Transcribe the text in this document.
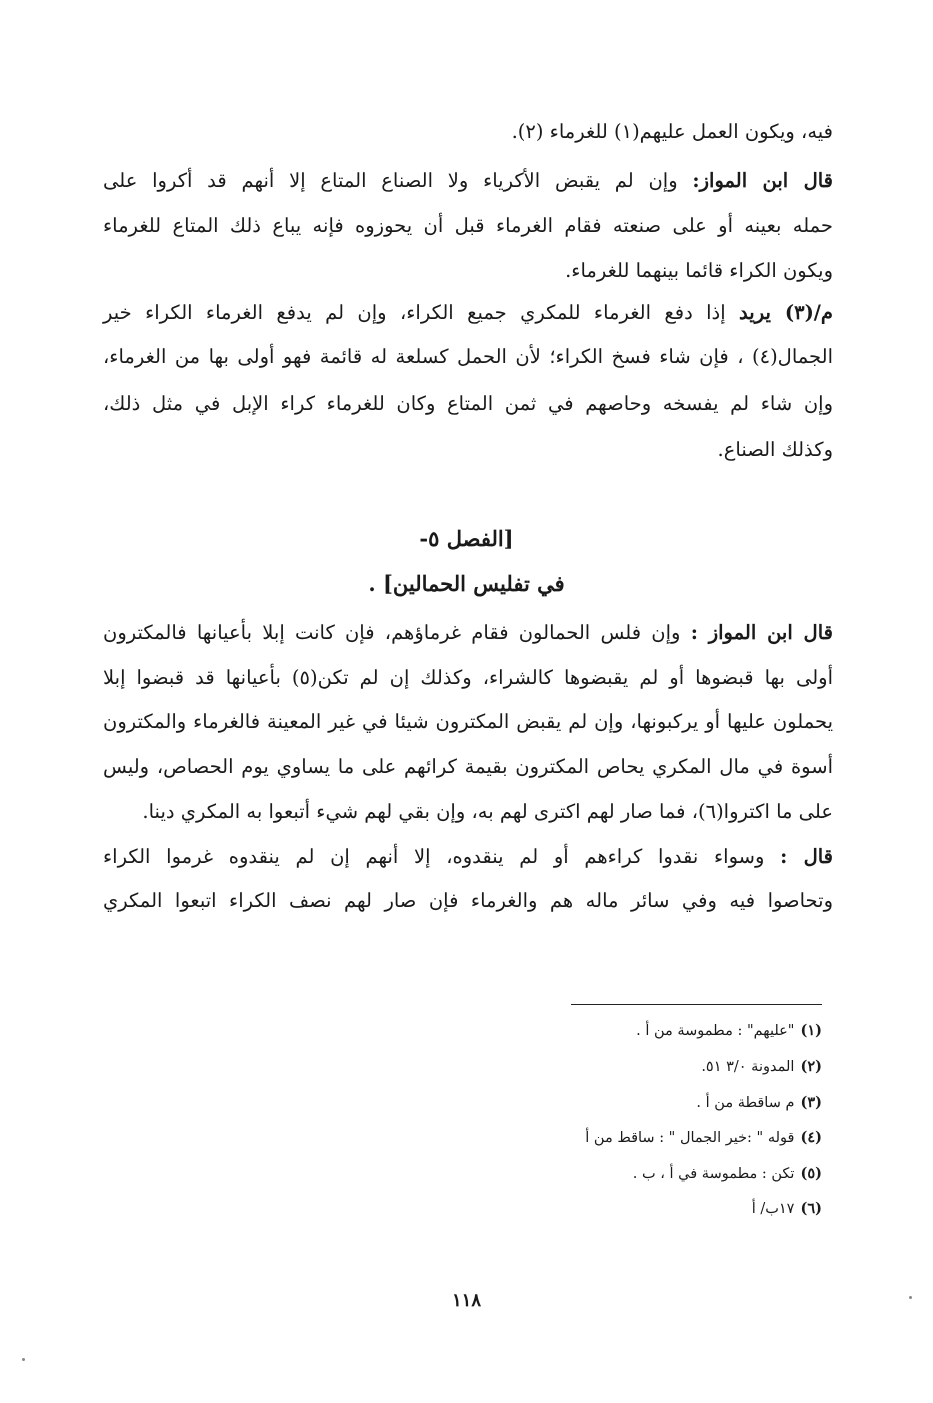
فيه، ويكون العمل عليهم(١) للغرماء (٢).
قال ابن المواز: وإن لم يقبض الأكرياء ولا الصناع المتاع إلا أنهم قد أكروا على
حمله بعينه أو على صنعته فقام الغرماء قبل أن يحوزوه فإنه يباع ذلك المتاع للغرماء
ويكون الكراء قائما بينهما للغرماء.
م/(٣) يريد إذا دفع الغرماء للمكري جميع الكراء، وإن لم يدفع الغرماء الكراء خير
الجمال(٤) ، فإن شاء فسخ الكراء؛ لأن الحمل كسلعة له قائمة فهو أولى بها من الغرماء،
وإن شاء لم يفسخه وحاصهم في ثمن المتاع وكان للغرماء كراء الإبل في مثل ذلك،
وكذلك الصناع.
[الفصل ٥-
في تفليس الحمالين] .
قال ابن المواز : وإن فلس الحمالون فقام غرماؤهم، فإن كانت إبلا بأعيانها فالمكترون
أولى بها قبضوها أو لم يقبضوها كالشراء، وكذلك إن لم تكن(٥) بأعيانها قد قبضوا إبلا
يحملون عليها أو يركبونها، وإن لم يقبض المكترون شيئا في غير المعينة فالغرماء والمكترون
أسوة في مال المكري يحاص المكترون بقيمة كرائهم على ما يساوي يوم الحصاص، وليس
على ما اكتروا(٦)، فما صار لهم اكترى لهم به، وإن بقي لهم شيء أتبعوا به المكري دينا.
قال : وسواء نقدوا كراءهم أو لم ينقدوه، إلا أنهم إن لم ينقدوه غرموا الكراء
وتحاصوا فيه وفي سائر ماله هم والغرماء فإن صار لهم نصف الكراء اتبعوا المكري
(١)"عليهم" : مطموسة من أ .
(٢)المدونة ٣/٠ ٥١.
(٣)م ساقطة من أ .
(٤)قوله " :خير الجمال " : ساقط من أ
(٥)تكن : مطموسة في أ ، ب .
(٦)١٧ب/ أ
١١٨
